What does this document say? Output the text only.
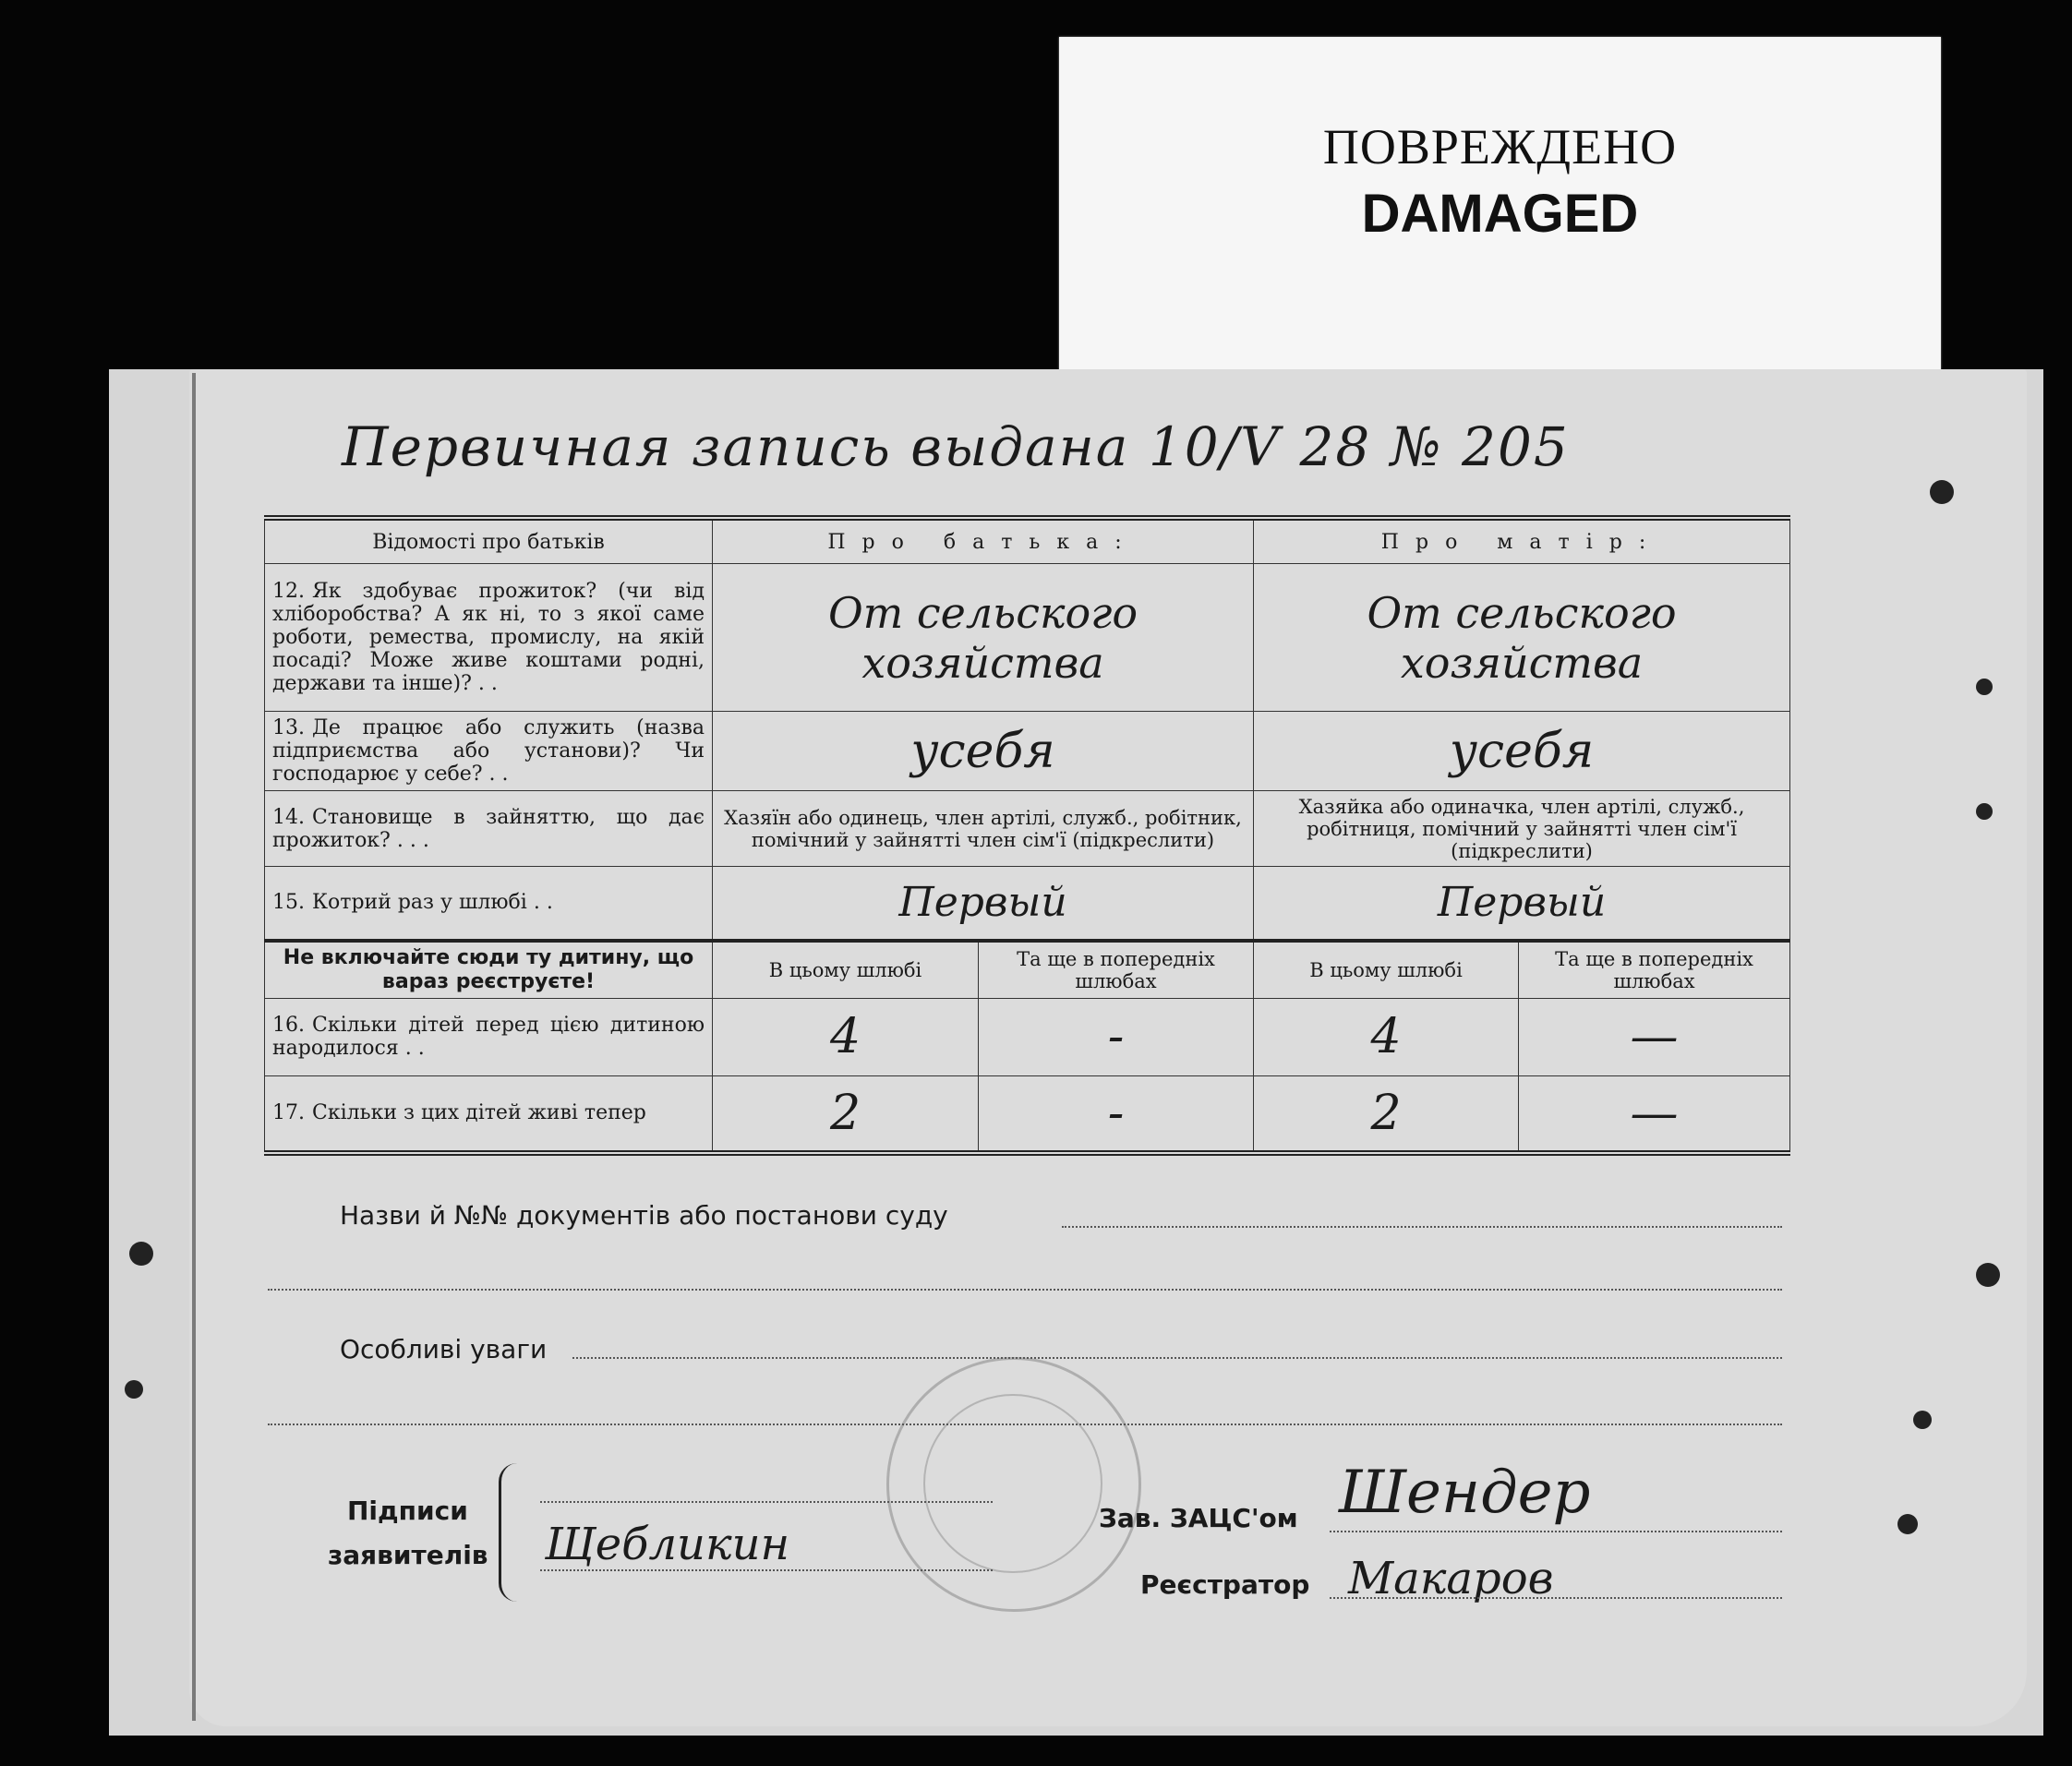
ПОВРЕЖДЕНО
DAMAGED
Первичная запись выдана 10/V 28 № 205
Відомості про батьків	Про батька:		Про матір:	
12. Як здобуває прожиток? (чи від хліборобства? А як ні, то з якої саме роботи, ремества, промислу, на якій посаді? Може живе коштами родні, держави та інше)? . .	От сельского хозяйства		От сельского хозяйства	
13. Де працює або служить (назва підприємства або установи)? Чи господарює у себе? . .	усебя		усебя	
14. Становище в зайняттю, що дає прожиток? . . .	Хазяїн або одинець, член артілі, служб., робітник, помічний у зайнятті член сім'ї (підкреслити)		Хазяйка або одиначка, член артілі, служб., робітниця, помічний у зайнятті член сім'ї (підкреслити)	
15. Котрий раз у шлюбі . .	Первый		Первый	
Не включайте сюди ту дитину, що вараз реєструєте!	В цьому шлюбі	Та ще в попередніх шлюбах	В цьому шлюбі	Та ще в попередніх шлюбах
16. Скільки дітей перед цією дитиною народилося . .	4	-	4	—
17. Скільки з цих дітей живі тепер	2	-	2	—
Назви й №№ документів або постанови суду
Особливі уваги
Підписи
заявителів Щебликин
Зав. ЗАЦС'ом Шендер
Реєстратор Макаров
